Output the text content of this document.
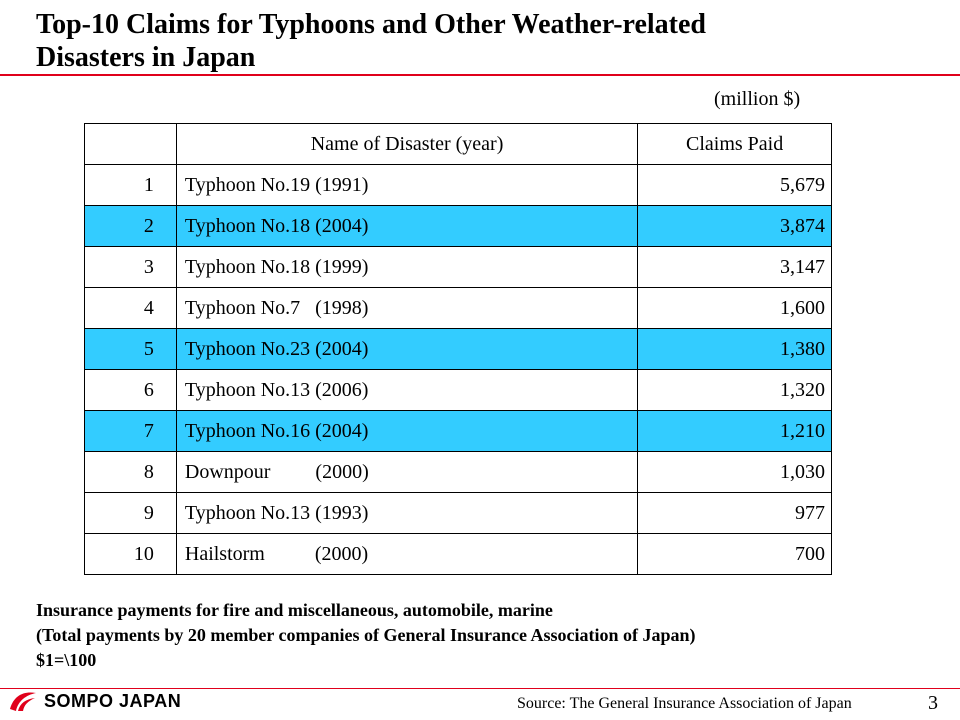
Top-10 Claims for Typhoons and Other Weather-related
Disasters in Japan
(million $)
	Name of Disaster (year)	Claims Paid
1	Typhoon No.19 (1991)	5,679
2	Typhoon No.18 (2004)	3,874
3	Typhoon No.18 (1999)	3,147
4	Typhoon No.7   (1998)	1,600
5	Typhoon No.23 (2004)	1,380
6	Typhoon No.13 (2006)	1,320
7	Typhoon No.16 (2004)	1,210
8	Downpour         (2000)	1,030
9	Typhoon No.13 (1993)	977
10	Hailstorm          (2000)	700
Insurance payments for fire and miscellaneous, automobile, marine
(Total payments by 20 member companies of General Insurance Association of Japan)
$1=\100
SOMPO JAPAN	Source: The General Insurance Association of Japan	3
